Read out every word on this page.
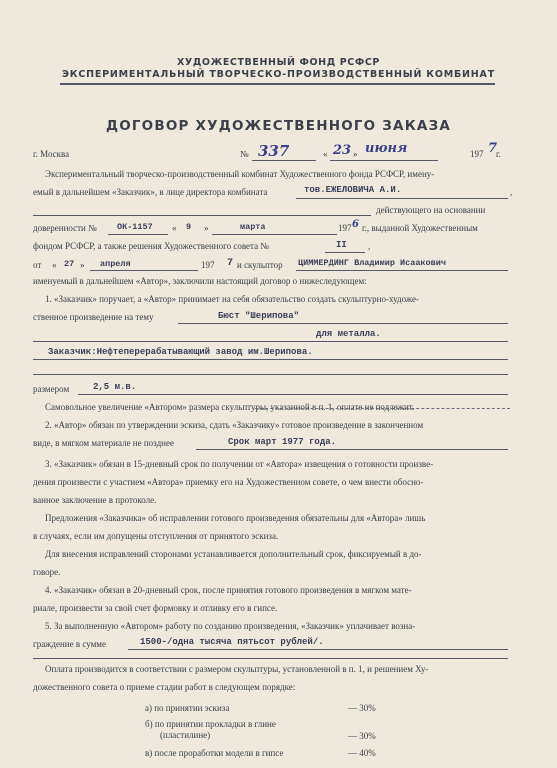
ХУДОЖЕСТВЕННЫЙ ФОНД РСФСР
ЭКСПЕРИМЕНТАЛЬНЫЙ ТВОРЧЕСКО-ПРОИЗВОДСТВЕННЫЙ КОМБИНАТ
ДОГОВОР ХУДОЖЕСТВЕННОГО ЗАКАЗА
г. Москва	№ 337	« 23 » июня	197 7
г.
Экспериментальный творческо-производственный комбинат Художественного фонда РСФСР, имену-
емый в дальнейшем «Заказчик», в лице директора комбината	тов.ЕЖЕЛОВИЧА А.И.	,
действующего на основании
доверенности № ОК-1157 « 9 »	марта	197 6 г., выданной Художественным
фондом РСФСР, а также решения Художественного совета №	II ,
от « 27 » апреля	197 7 и скульптор ЦИММЕРДИНГ Владимир Исаакович
именуемый в дальнейшем «Автор», заключили настоящий договор о нижеследующем:
1. «Заказчик» поручает, а «Автор» принимает на себя обязательство создать скульптурно-художе-
ственное произведение на тему	Бюст "Шерипова"
для металла.
Заказчик:Нефтеперерабатывающий завод им.Шерипова.
размером	2,5 м.в.
Самовольное увеличение «Автором» размера скульптуры, указанной в п. 1, оплате не подлежит.
2. «Автор» обязан по утверждении эскиза, сдать «Заказчику» готовое произведение в законченном
виде, в мягком материале не позднее	Срок март 1977 года.
3. «Заказчик» обязан в 15-дневный срок по получении от «Автора» извещения о готовности произве-
дения произвести с участием «Автора» приемку его на Художественном совете, о чем внести обосно-
ванное заключение в протоколе.
Предложения «Заказчика» об исправлении готового произведения обязательны для «Автора» лишь
в случаях, если им допущены отступления от принятого эскиза.
Для внесения исправлений сторонами устанавливается дополнительный срок, фиксируемый в до-
говоре.
4. «Заказчик» обязан в 20-дневный срок, после принятия готового произведения в мягком мате-
риале, произвести за свой счет формовку и отливку его в гипсе.
5. За выполненную «Автором» работу по созданию произведения, «Заказчик» уплачивает возна-
граждение в сумме	1500-/одна тысяча пятьсот рублей/.
Оплата производится в соответствии с размером скульптуры, установленной в п. 1, и решением Ху-
дожественного совета о приеме стадии работ в следующем порядке:
а) по принятии эскиза	— 30%
б) по принятии прокладки в глине
(пластилине)	— 30%
в) после проработки модели в гипсе	— 40%
